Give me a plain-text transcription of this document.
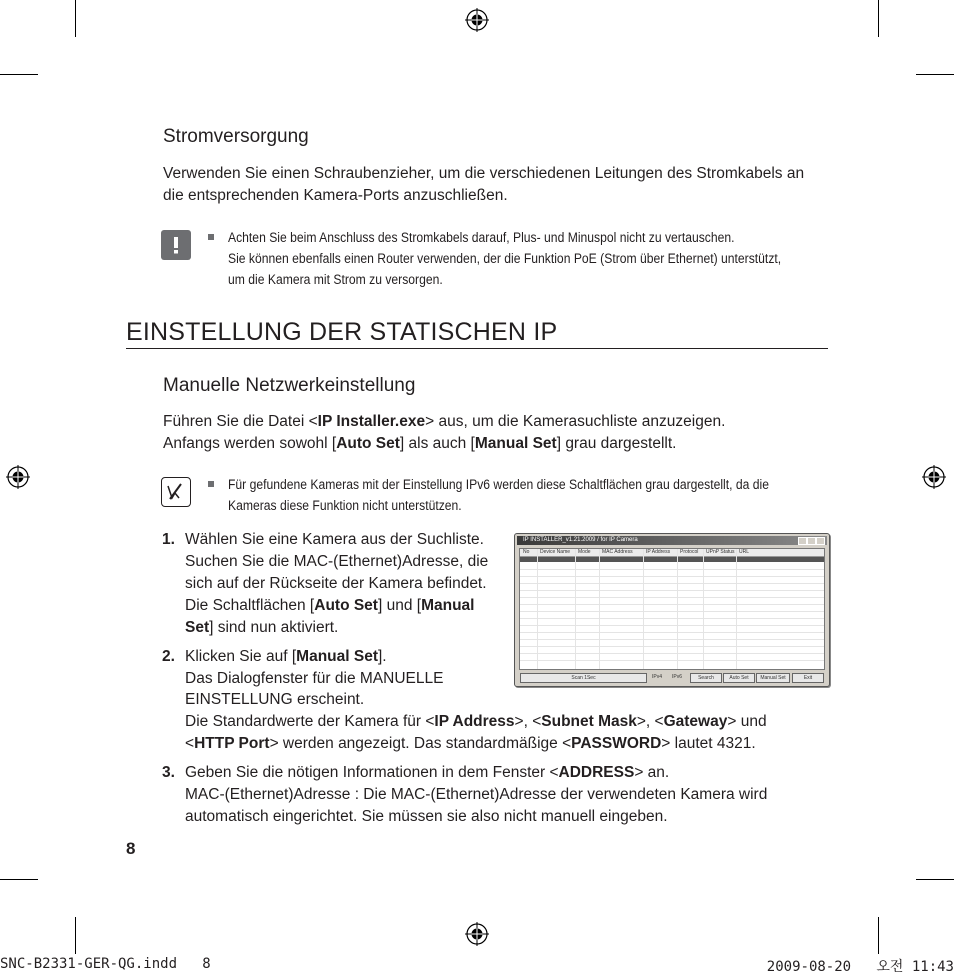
Stromversorgung

Verwenden Sie einen Schraubenzieher, um die verschiedenen Leitungen des Stromkabels an

die entsprechenden Kamera-Ports anzuschließen.

Achten Sie beim Anschluss des Stromkabels darauf, Plus- und Minuspol nicht zu vertauschen.
Sie können ebenfalls einen Router verwenden, der die Funktion PoE (Strom über Ethernet) unterstützt,
um die Kamera mit Strom zu versorgen.
EINSTELLUNG DER STATISCHEN IP
Manuelle Netzwerkeinstellung

Führen Sie die Datei <IP Installer.exe> aus, um die Kamerasuchliste anzuzeigen.

Anfangs werden sowohl [Auto Set] als auch [Manual Set] grau dargestellt.

Für gefundene Kameras mit der Einstellung IPv6 werden diese Schaltflächen grau dargestellt, da die
Kameras diese Funktion nicht unterstützen.
1. Wählen Sie eine Kamera aus der Suchliste.
Suchen Sie die MAC-(Ethernet)Adresse, die
sich auf der Rückseite der Kamera befindet.
Die Schaltflächen [Auto Set] und [Manual
Set] sind nun aktiviert.
2. Klicken Sie auf [Manual Set].
Das Dialogfenster für die MANUELLE
EINSTELLUNG erscheint.
Die Standardwerte der Kamera für <IP Address>, <Subnet Mask>, <Gateway> und
<HTTP Port> werden angezeigt. Das standardmäßige <PASSWORD> lautet 4321.
3. Geben Sie die nötigen Informationen in dem Fenster <ADDRESS> an.
MAC-(Ethernet)Adresse : Die MAC-(Ethernet)Adresse der verwendeten Kamera wird
automatisch eingerichtet. Sie müssen sie also nicht manuell eingeben.
IP INSTALLER_v1.21.2009 / for IP Camera
No Device Name Mode MAC Address	IP Address Protocol UPnP Status URL
Scan 1Sec	IPv4	IPv6	Search	Auto Set	Manual Set	Exit
8
SNC-B2331-GER-QG.indd   8	2009-08-20   오전 11:43
